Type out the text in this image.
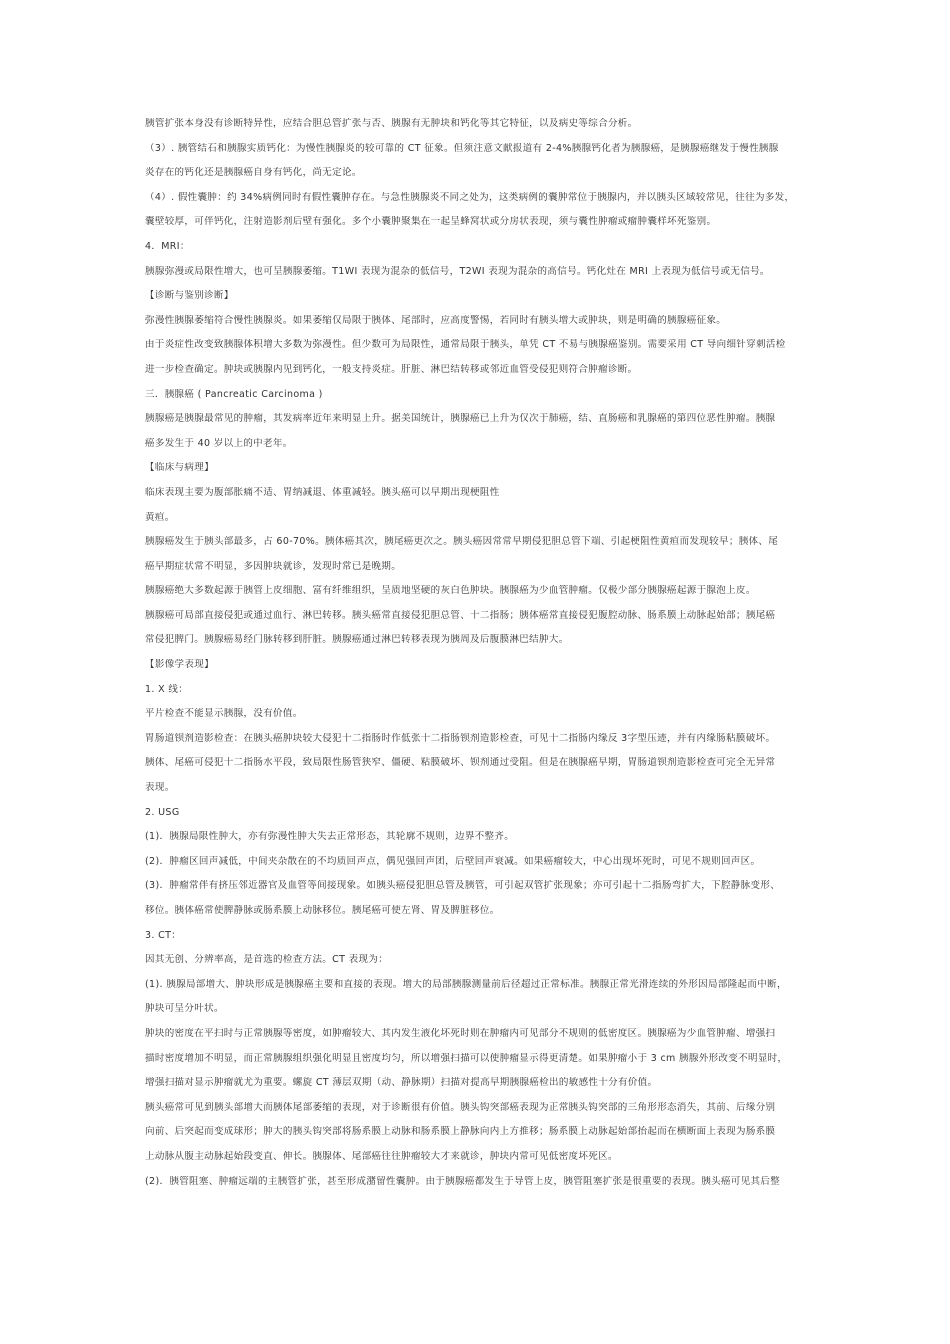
胰管扩张本身没有诊断特异性，应结合胆总管扩张与否、胰腺有无肿块和钙化等其它特征，以及病史等综合分析。
（3）. 胰管结石和胰腺实质钙化：为慢性胰腺炎的较可靠的 CT 征象。但须注意文献报道有 2-4%胰腺钙化者为胰腺癌，是胰腺癌继发于慢性胰腺
炎存在的钙化还是胰腺癌自身有钙化，尚无定论。
（4）. 假性囊肿：约 34%病例同时有假性囊肿存在。与急性胰腺炎不同之处为，这类病例的囊肿常位于胰腺内，并以胰头区域较常见，往往为多发，
囊壁较厚，可伴钙化，注射造影剂后壁有强化。多个小囊肿聚集在一起呈蜂窝状或分房状表现，须与囊性肿瘤或瘤肿囊样坏死鉴别。
4．MRI：
胰腺弥漫或局限性增大，也可呈胰腺萎缩。T1WI 表现为混杂的低信号，T2WI 表现为混杂的高信号。钙化灶在 MRI 上表现为低信号或无信号。
【诊断与鉴别诊断】
弥漫性胰腺萎缩符合慢性胰腺炎。如果萎缩仅局限于胰体、尾部时，应高度警惕，若同时有胰头增大或肿块，则是明确的胰腺癌征象。
由于炎症性改变致胰腺体积增大多数为弥漫性。但少数可为局限性，通常局限于胰头，单凭 CT 不易与胰腺癌鉴别。需要采用 CT 导向细针穿刺活检
进一步检查确定。肿块或胰腺内见到钙化，一般支持炎症。肝脏、淋巴结转移或邻近血管受侵犯则符合肿瘤诊断。
三．胰腺癌 ( Pancreatic Carcinoma )
胰腺癌是胰腺最常见的肿瘤，其发病率近年来明显上升。据美国统计，胰腺癌已上升为仅次于肺癌，结、直肠癌和乳腺癌的第四位恶性肿瘤。胰腺
癌多发生于 40 岁以上的中老年。
【临床与病理】
临床表现主要为腹部胀痛不适、胃纳减退、体重减轻。胰头癌可以早期出现梗阻性
黄疸。
胰腺癌发生于胰头部最多，占 60-70%。胰体癌其次，胰尾癌更次之。胰头癌因常常早期侵犯胆总管下端、引起梗阻性黄疸而发现较早；胰体、尾
癌早期症状常不明显，多因肿块就诊，发现时常已是晚期。
胰腺癌绝大多数起源于胰管上皮细胞、富有纤维组织，呈质地坚硬的灰白色肿块。胰腺癌为少血管肿瘤。仅极少部分胰腺癌起源于腺泡上皮。
胰腺癌可局部直接侵犯或通过血行、淋巴转移。胰头癌常直接侵犯胆总管、十二指肠；胰体癌常直接侵犯腹腔动脉、肠系膜上动脉起始部；胰尾癌
常侵犯脾门。胰腺癌易经门脉转移到肝脏。胰腺癌通过淋巴转移表现为胰周及后腹膜淋巴结肿大。
【影像学表现】
1. X 线：
平片检查不能显示胰腺，没有价值。
胃肠道钡剂造影检查：在胰头癌肿块较大侵犯十二指肠时作低张十二指肠钡剂造影检查，可见十二指肠内缘反 3字型压迹，并有内缘肠粘膜破坏。
胰体、尾癌可侵犯十二指肠水平段，致局限性肠管狭窄、僵硬、粘膜破坏、钡剂通过受阻。但是在胰腺癌早期，胃肠道钡剂造影检查可完全无异常
表现。
2. USG
(1)．胰腺局限性肿大，亦有弥漫性肿大失去正常形态，其轮廓不规则，边界不整齐。
(2)．肿瘤区回声减低，中间夹杂散在的不均质回声点，偶见强回声团，后壁回声衰减。如果癌瘤较大，中心出现坏死时，可见不规则回声区。
(3)．肿瘤常伴有挤压邻近器官及血管等间接现象。如胰头癌侵犯胆总管及胰管，可引起双管扩张现象；亦可引起十二指肠弯扩大，下腔静脉变形、
移位。胰体癌常使脾静脉或肠系膜上动脉移位。胰尾癌可使左肾、胃及脾脏移位。
3. CT：
因其无创、分辨率高，是首选的检查方法。CT 表现为：
(1). 胰腺局部增大、肿块形成是胰腺癌主要和直接的表现。增大的局部胰腺测量前后径超过正常标准。胰腺正常光滑连续的外形因局部隆起而中断，
肿块可呈分叶状。
肿块的密度在平扫时与正常胰腺等密度，如肿瘤较大、其内发生液化坏死时则在肿瘤内可见部分不规则的低密度区。胰腺癌为少血管肿瘤、增强扫
描时密度增加不明显，而正常胰腺组织强化明显且密度均匀，所以增强扫描可以使肿瘤显示得更清楚。如果肿瘤小于 3 cm 胰腺外形改变不明显时，
增强扫描对显示肿瘤就尤为重要。螺旋 CT 薄层双期（动、静脉期）扫描对提高早期胰腺癌检出的敏感性十分有价值。
胰头癌常可见到胰头部增大而胰体尾部萎缩的表现，对于诊断很有价值。胰头钩突部癌表现为正常胰头钩突部的三角形形态消失，其前、后缘分别
向前、后突起而变成球形；肿大的胰头钩突部将肠系膜上动脉和肠系膜上静脉向内上方推移；肠系膜上动脉起始部抬起而在横断面上表现为肠系膜
上动脉从腹主动脉起始段变直、伸长。胰腺体、尾部癌往往肿瘤较大才来就诊，肿块内常可见低密度坏死区。
(2)．胰管阻塞、肿瘤远端的主胰管扩张，甚至形成潴留性囊肿。由于胰腺癌都发生于导管上皮，胰管阻塞扩张是很重要的表现。胰头癌可见其后整
